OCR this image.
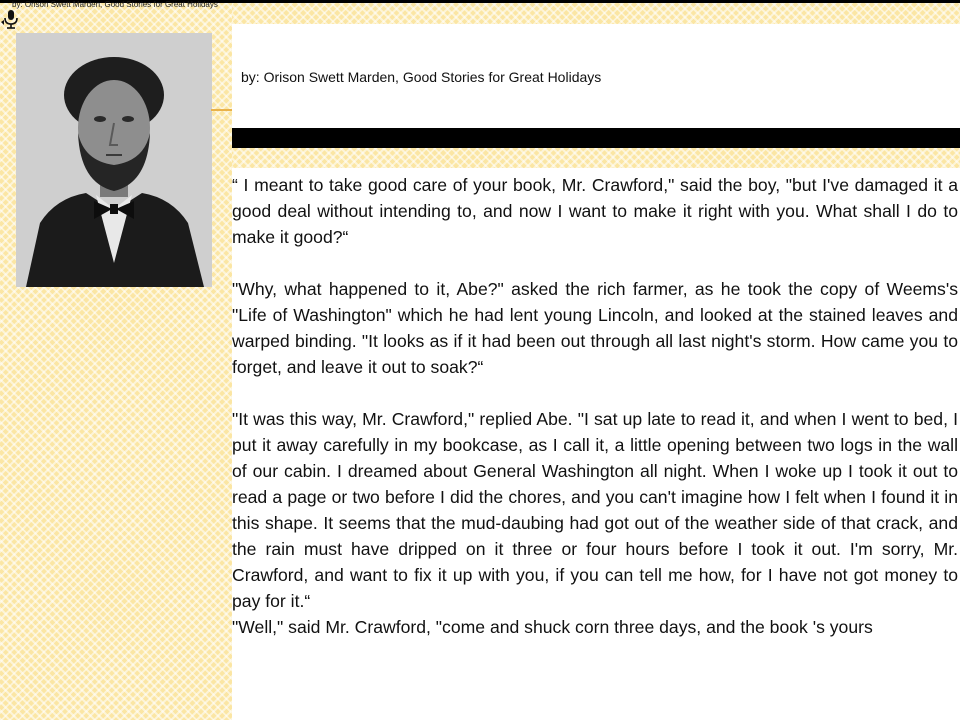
by: Orison Swett Marden, Good Stories for Great Holidays
by: Orison Swett Marden, Good Stories for Great Holidays

“ I meant to take good care of your book, Mr. Crawford," said the boy, "but I've damaged it a good deal without intending to, and now I want to make it right with you. What shall I do to make it good?“

"Why, what happened to it, Abe?" asked the rich farmer, as he took the copy of Weems's "Life of Washington" which he had lent young Lincoln, and looked at the stained leaves and warped binding. "It looks as if it had been out through all last night's storm. How came you to forget, and leave it out to soak?“

"It was this way, Mr. Crawford," replied Abe. "I sat up late to read it, and when I went to bed, I put it away carefully in my bookcase, as I call it, a little opening between two logs in the wall of our cabin. I dreamed about General Washington all night. When I woke up I took it out to read a page or two before I did the chores, and you can't imagine how I felt when I found it in this shape. It seems that the mud-daubing had got out of the weather side of that crack, and the rain must have dripped on it three or four hours before I took it out. I'm sorry, Mr. Crawford, and want to fix it up with you, if you can tell me how, for I have not got money to pay for it.“

"Well," said Mr. Crawford, "come and shuck corn three days, and the book 's yours
